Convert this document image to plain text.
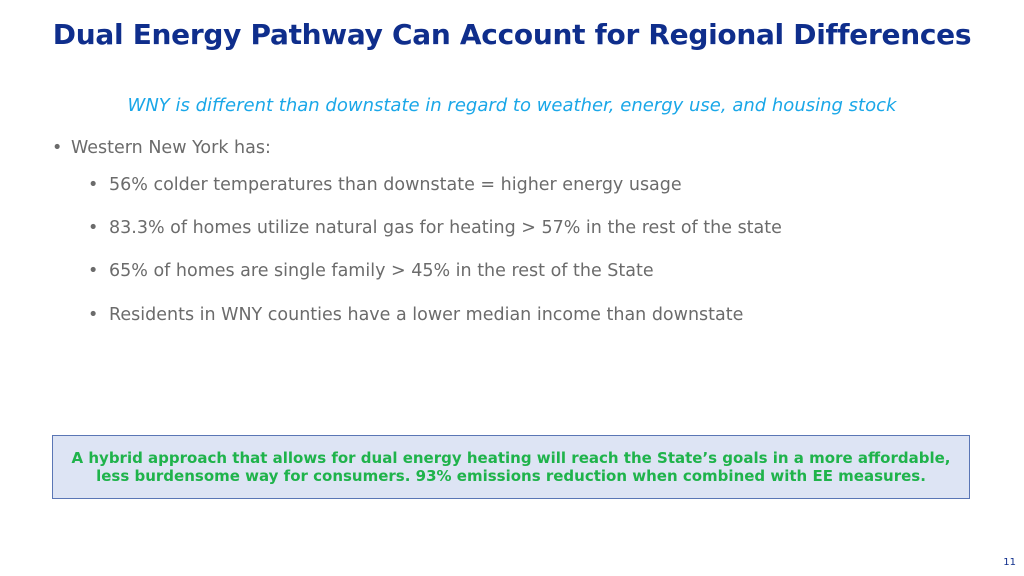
Dual Energy Pathway Can Account for Regional Differences
WNY is different than downstate in regard to weather, energy use, and housing stock
• Western New York has:
• 56% colder temperatures than downstate = higher energy usage
• 83.3% of homes utilize natural gas for heating > 57% in the rest of the state
• 65% of homes are single family > 45% in the rest of the State
• Residents in WNY counties have a lower median income than downstate
A hybrid approach that allows for dual energy heating will reach the State’s goals in a more affordable, less burdensome way for consumers. 93% emissions reduction when combined with EE measures.
11
